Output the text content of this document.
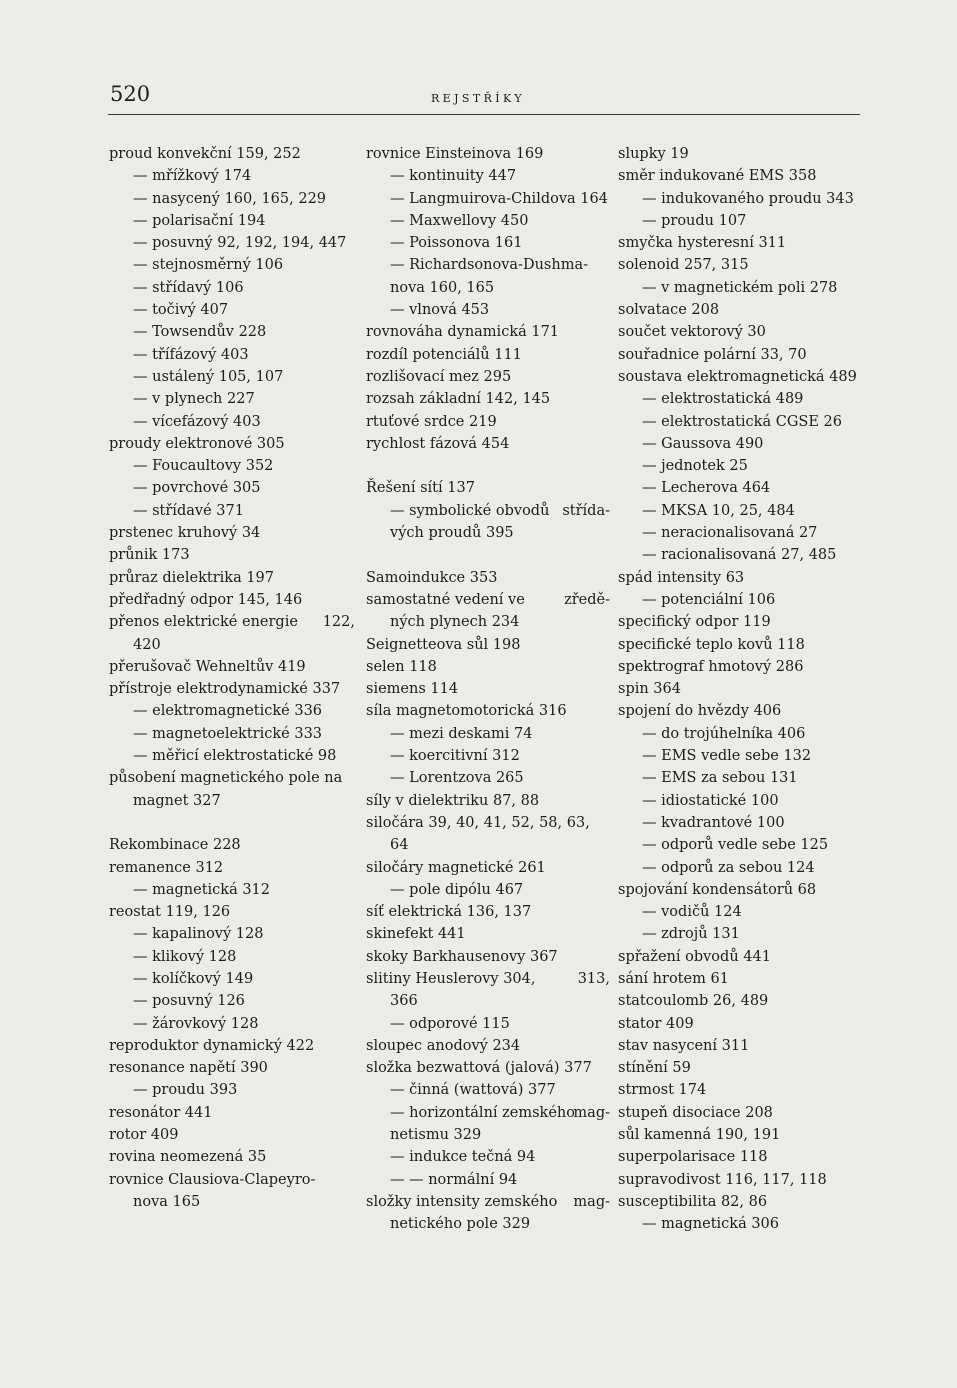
520	REJSTŘÍKY
proud konvekční 159, 252
— mřížkový 174
— nasycený 160, 165, 229
— polarisační 194
— posuvný 92, 192, 194, 447
— stejnosměrný 106
— střídavý 106
— točivý 407
— Towsendův 228
— třífázový 403
— ustálený 105, 107
— v plynech 227
— vícefázový 403
proudy elektronové 305
— Foucaultovy 352
— povrchové 305
— střídavé 371
prstenec kruhový 34
průnik 173
průraz dielektrika 197
předřadný odpor 145, 146
122,
přenos elektrické energie
420
přerušovač Wehneltův 419
přístroje elektrodynamické 337
— elektromagnetické 336
— magnetoelektrické 333
— měřicí elektrostatické 98
působení magnetického pole na
magnet 327
Rekombinace 228
remanence 312
— magnetická 312
reostat 119, 126
— kapalinový 128
— klikový 128
— kolíčkový 149
— posuvný 126
— žárovkový 128
reproduktor dynamický 422
resonance napětí 390
— proudu 393
resonátor 441
rotor 409
rovina neomezená 35
rovnice Clausiova-Clapeyro-
nova 165
rovnice Einsteinova 169
— kontinuity 447
— Langmuirova-Childova 164
— Maxwellovy 450
— Poissonova 161
— Richardsonova-Dushma-
nova 160, 165
— vlnová 453
rovnováha dynamická 171
rozdíl potenciálů 111
rozlišovací mez 295
rozsah základní 142, 145
rtuťové srdce 219
rychlost fázová 454
Řešení sítí 137
střída-
— symbolické obvodů
vých proudů 395
Samoindukce 353
zředě-
samostatné vedení ve
ných plynech 234
Seignetteova sůl 198
selen 118
siemens 114
síla magnetomotorická 316
— mezi deskami 74
— koercitivní 312
— Lorentzova 265
síly v dielektriku 87, 88
siločára 39, 40, 41, 52, 58, 63,
64
siločáry magnetické 261
— pole dipólu 467
síť elektrická 136, 137
skinefekt 441
skoky Barkhausenovy 367
313,
slitiny Heuslerovy 304,
366
— odporové 115
sloupec anodový 234
složka bezwattová (jalová) 377
— činná (wattová) 377
mag-
— horizontální zemského
netismu 329
— indukce tečná 94
— — normální 94
mag-
složky intensity zemského
netického pole 329
slupky 19
směr indukované EMS 358
— indukovaného proudu 343
— proudu 107
smyčka hysteresní 311
solenoid 257, 315
— v magnetickém poli 278
solvatace 208
součet vektorový 30
souřadnice polární 33, 70
soustava elektromagnetická 489
— elektrostatická 489
— elektrostatická CGSE 26
— Gaussova 490
— jednotek 25
— Lecherova 464
— MKSA 10, 25, 484
— neracionalisovaná 27
— racionalisovaná 27, 485
spád intensity 63
— potenciální 106
specifický odpor 119
specifické teplo kovů 118
spektrograf hmotový 286
spin 364
spojení do hvězdy 406
— do trojúhelníka 406
— EMS vedle sebe 132
— EMS za sebou 131
— idiostatické 100
— kvadrantové 100
— odporů vedle sebe 125
— odporů za sebou 124
spojování kondensátorů 68
— vodičů 124
— zdrojů 131
spřažení obvodů 441
sání hrotem 61
statcoulomb 26, 489
stator 409
stav nasycení 311
stínění 59
strmost 174
stupeň disociace 208
sůl kamenná 190, 191
superpolarisace 118
supravodivost 116, 117, 118
susceptibilita 82, 86
— magnetická 306
